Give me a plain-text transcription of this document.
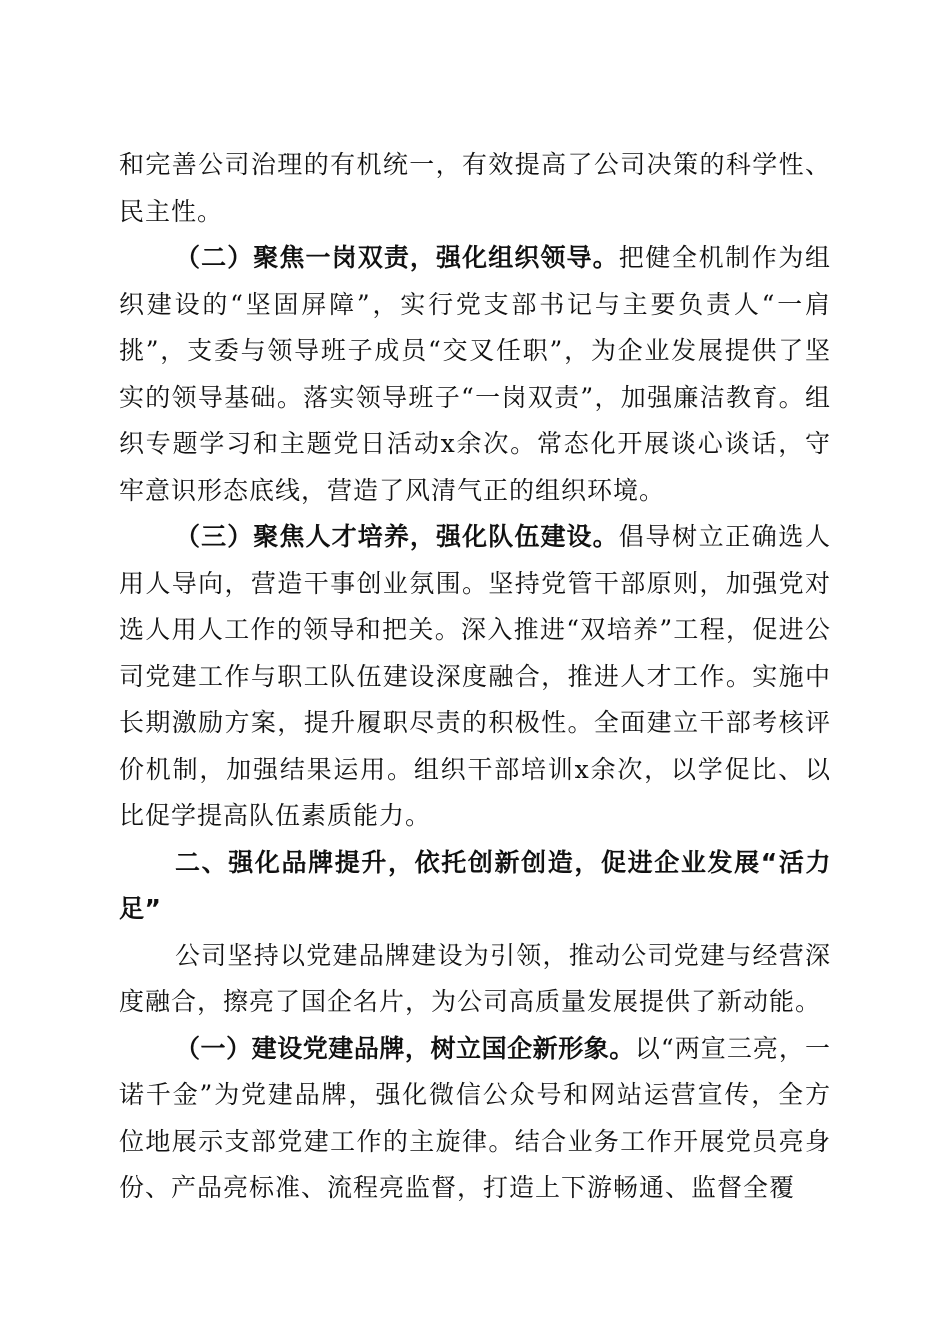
和完善公司治理的有机统一，有效提高了公司决策的科学性、民主性。

（二）聚焦一岗双责，强化组织领导。把健全机制作为组织建设的“坚固屏障”，实行党支部书记与主要负责人“一肩挑”，支委与领导班子成员“交叉任职”，为企业发展提供了坚实的领导基础。落实领导班子“一岗双责”，加强廉洁教育。组织专题学习和主题党日活动x余次。常态化开展谈心谈话，守牢意识形态底线，营造了风清气正的组织环境。

（三）聚焦人才培养，强化队伍建设。倡导树立正确选人用人导向，营造干事创业氛围。坚持党管干部原则，加强党对选人用人工作的领导和把关。深入推进“双培养”工程，促进公司党建工作与职工队伍建设深度融合，推进人才工作。实施中长期激励方案，提升履职尽责的积极性。全面建立干部考核评价机制，加强结果运用。组织干部培训x余次，以学促比、以比促学提高队伍素质能力。

二、强化品牌提升，依托创新创造，促进企业发展“活力足”

公司坚持以党建品牌建设为引领，推动公司党建与经营深度融合，擦亮了国企名片，为公司高质量发展提供了新动能。

（一）建设党建品牌，树立国企新形象。以“两宣三亮，一诺千金”为党建品牌，强化微信公众号和网站运营宣传，全方位地展示支部党建工作的主旋律。结合业务工作开展党员亮身份、产品亮标准、流程亮监督，打造上下游畅通、监督全覆
